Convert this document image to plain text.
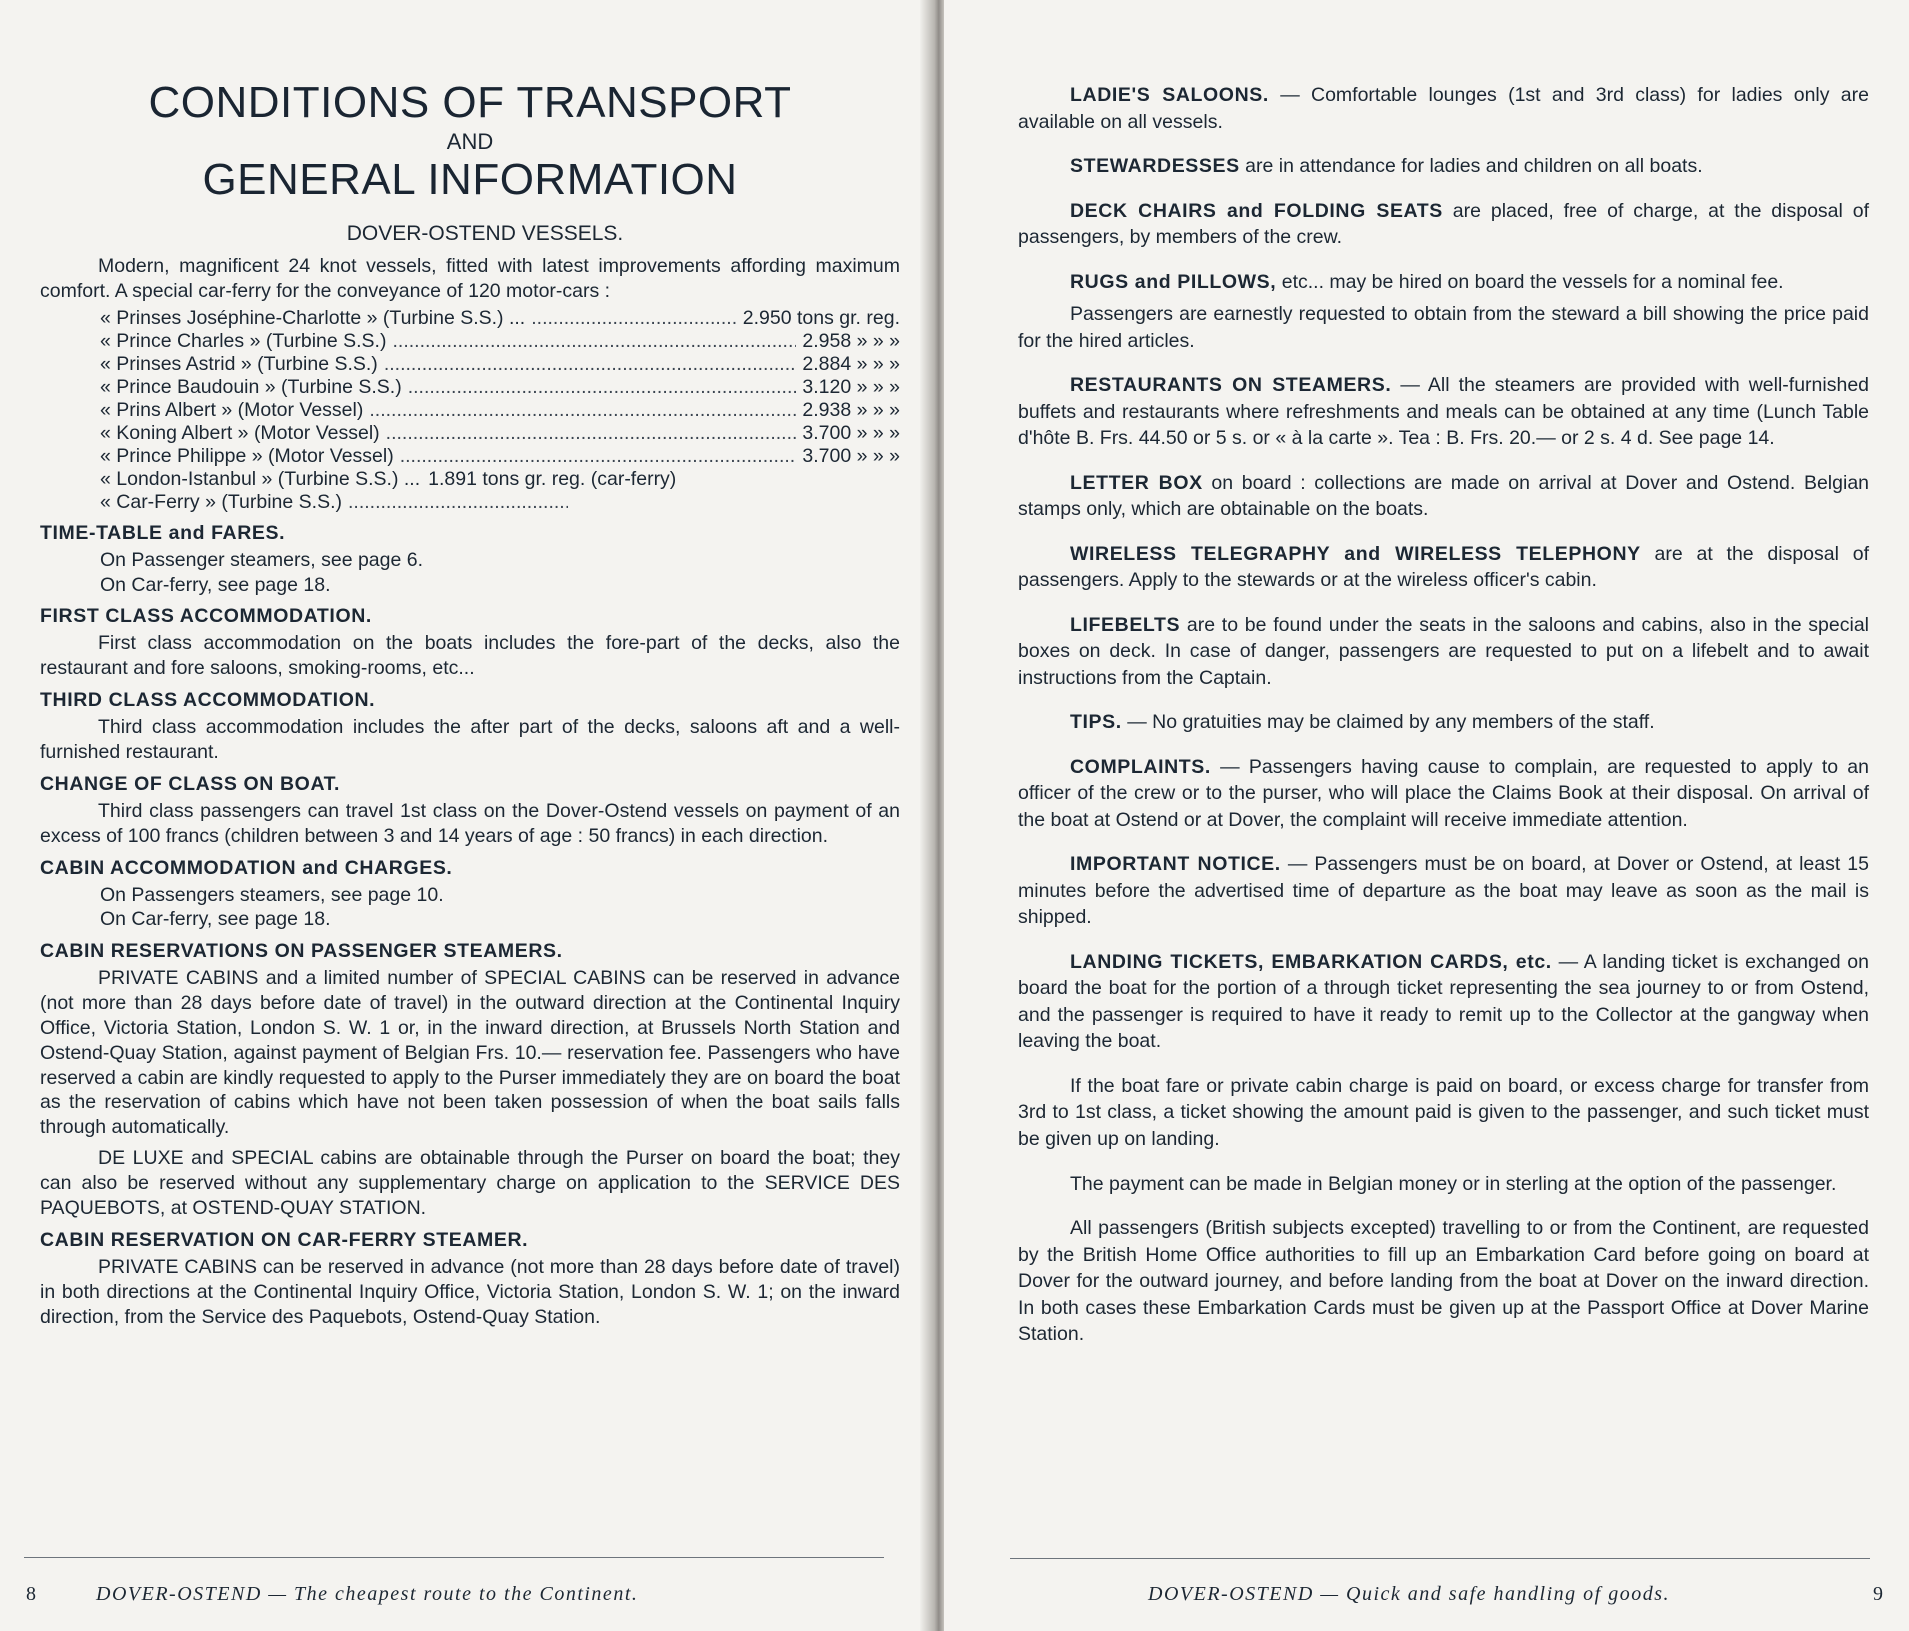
CONDITIONS OF TRANSPORT

AND

GENERAL INFORMATION

DOVER-OSTEND VESSELS.

Modern, magnificent 24 knot vessels, fitted with latest improvements affording maximum comfort. A special car-ferry for the conveyance of 120 motor-cars :

« Prinses Joséphine-Charlotte » (Turbine S.S.) ... .....	2.950 tons gr. reg.
« Prince Charles » (Turbine S.S.) .....	2.958 » » »
« Prinses Astrid » (Turbine S.S.) .....	2.884 » » »
« Prince Baudouin » (Turbine S.S.) .....	3.120 » » »
« Prins Albert » (Motor Vessel) .....	2.938 » » »
« Koning Albert » (Motor Vessel) .....	3.700 » » »
« Prince Philippe » (Motor Vessel) .....	3.700 » » »
« London-Istanbul » (Turbine S.S.) ... 1.891 tons gr. reg. (car-ferry)
« Car-Ferry » (Turbine S.S.)
.....

TIME-TABLE and FARES.

On Passenger steamers, see page 6.

On Car-ferry, see page 18.

FIRST CLASS ACCOMMODATION.

First class accommodation on the boats includes the fore-part of the decks, also the restaurant and fore saloons, smoking-rooms, etc...

THIRD CLASS ACCOMMODATION.

Third class accommodation includes the after part of the decks, saloons aft and a well-furnished restaurant.

CHANGE OF CLASS ON BOAT.

Third class passengers can travel 1st class on the Dover-Ostend vessels on payment of an excess of 100 francs (children between 3 and 14 years of age : 50 francs) in each direction.

CABIN ACCOMMODATION and CHARGES.

On Passengers steamers, see page 10.

On Car-ferry, see page 18.

CABIN RESERVATIONS ON PASSENGER STEAMERS.

PRIVATE CABINS and a limited number of SPECIAL CABINS can be reserved in advance (not more than 28 days before date of travel) in the outward direction at the Continental Inquiry Office, Victoria Station, London S. W. 1 or, in the inward direction, at Brussels North Station and Ostend-Quay Station, against payment of Belgian Frs. 10.— reservation fee. Passengers who have reserved a cabin are kindly requested to apply to the Purser immediately they are on board the boat as the reservation of cabins which have not been taken possession of when the boat sails falls through automatically.

DE LUXE and SPECIAL cabins are obtainable through the Purser on board the boat; they can also be reserved without any supplementary charge on application to the SERVICE DES PAQUEBOTS, at OSTEND-QUAY STATION.

CABIN RESERVATION ON CAR-FERRY STEAMER.

PRIVATE CABINS can be reserved in advance (not more than 28 days before date of travel) in both directions at the Continental Inquiry Office, Victoria Station, London S. W. 1; on the inward direction, from the Service des Paquebots, Ostend-Quay Station.

LADIE'S SALOONS. — Comfortable lounges (1st and 3rd class) for ladies only are available on all vessels.

STEWARDESSES are in attendance for ladies and children on all boats.

DECK CHAIRS and FOLDING SEATS are placed, free of charge, at the disposal of passengers, by members of the crew.

RUGS and PILLOWS, etc... may be hired on board the vessels for a nominal fee.

Passengers are earnestly requested to obtain from the steward a bill showing the price paid for the hired articles.

RESTAURANTS ON STEAMERS. — All the steamers are provided with well-furnished buffets and restaurants where refreshments and meals can be obtained at any time (Lunch Table d'hôte B. Frs. 44.50 or 5 s. or « à la carte ». Tea : B. Frs. 20.— or 2 s. 4 d. See page 14.

LETTER BOX on board : collections are made on arrival at Dover and Ostend. Belgian stamps only, which are obtainable on the boats.

WIRELESS TELEGRAPHY and WIRELESS TELEPHONY are at the disposal of passengers. Apply to the stewards or at the wireless officer's cabin.

LIFEBELTS are to be found under the seats in the saloons and cabins, also in the special boxes on deck. In case of danger, passengers are requested to put on a lifebelt and to await instructions from the Captain.

TIPS. — No gratuities may be claimed by any members of the staff.

COMPLAINTS. — Passengers having cause to complain, are requested to apply to an officer of the crew or to the purser, who will place the Claims Book at their disposal. On arrival of the boat at Ostend or at Dover, the complaint will receive immediate attention.

IMPORTANT NOTICE. — Passengers must be on board, at Dover or Ostend, at least 15 minutes before the advertised time of departure as the boat may leave as soon as the mail is shipped.

LANDING TICKETS, EMBARKATION CARDS, etc. — A landing ticket is exchanged on board the boat for the portion of a through ticket representing the sea journey to or from Ostend, and the passenger is required to have it ready to remit up to the Collector at the gangway when leaving the boat.

If the boat fare or private cabin charge is paid on board, or excess charge for transfer from 3rd to 1st class, a ticket showing the amount paid is given to the passenger, and such ticket must be given up on landing.

The payment can be made in Belgian money or in sterling at the option of the passenger.

All passengers (British subjects excepted) travelling to or from the Continent, are requested by the British Home Office authorities to fill up an Embarkation Card before going on board at Dover for the outward journey, and before landing from the boat at Dover on the inward direction. In both cases these Embarkation Cards must be given up at the Passport Office at Dover Marine Station.

8	DOVER-OSTEND — The cheapest route to the Continent.	DOVER-OSTEND — Quick and safe handling of goods.	9
